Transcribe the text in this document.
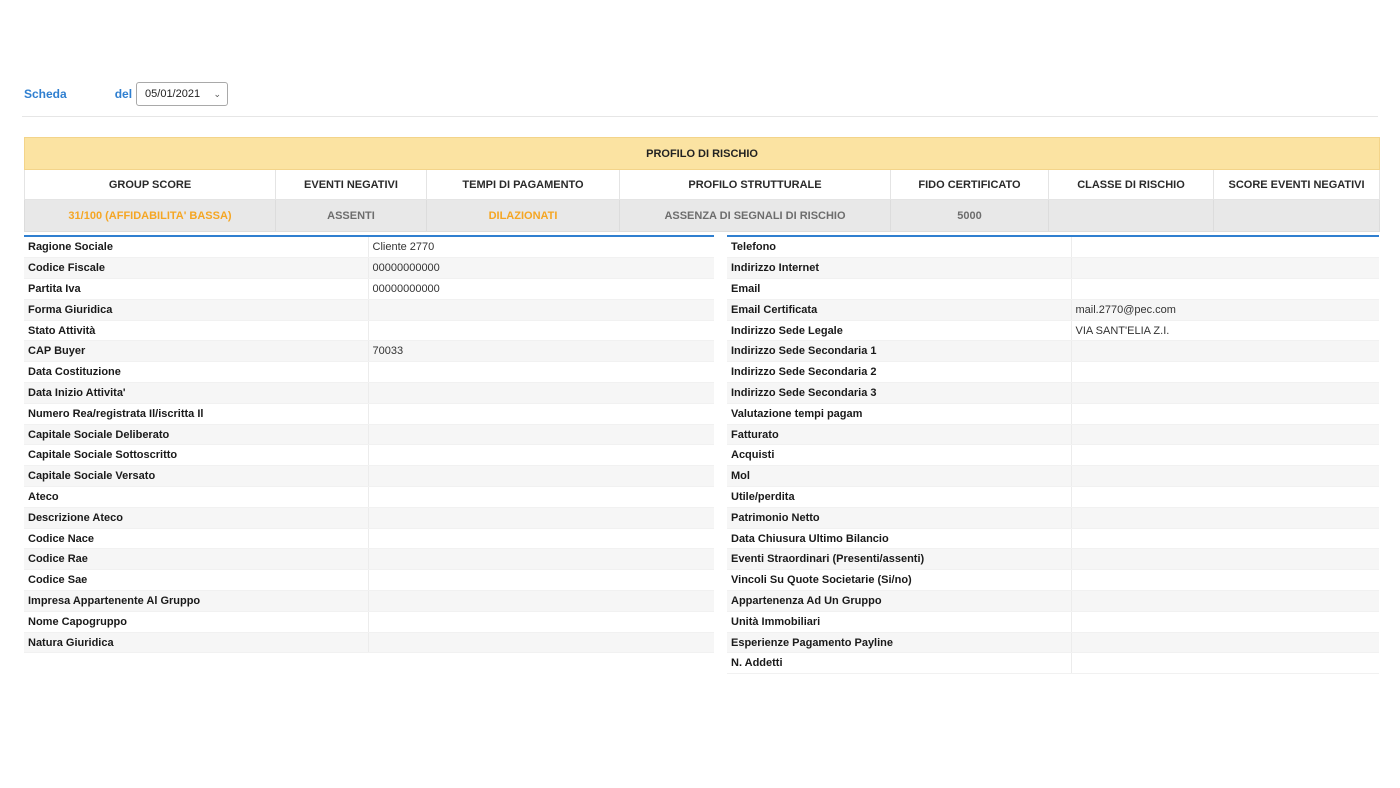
Scheda	del 05/01/2021 ⌄
PROFILO DI RISCHIO						
GROUP SCORE	EVENTI NEGATIVI	TEMPI DI PAGAMENTO	PROFILO STRUTTURALE	FIDO CERTIFICATO	CLASSE DI RISCHIO	SCORE EVENTI NEGATIVI
31/100 (AFFIDABILITA' BASSA)	ASSENTI	DILAZIONATI	ASSENZA DI SEGNALI DI RISCHIO	5000		
Ragione Sociale	Cliente 2770
Codice Fiscale	00000000000
Partita Iva	00000000000
Forma Giuridica	
Stato Attività	
CAP Buyer	70033
Data Costituzione	
Data Inizio Attivita'	
Numero Rea/registrata Il/iscritta Il	
Capitale Sociale Deliberato	
Capitale Sociale Sottoscritto	
Capitale Sociale Versato	
Ateco	
Descrizione Ateco	
Codice Nace	
Codice Rae	
Codice Sae	
Impresa Appartenente Al Gruppo	
Nome Capogruppo	
Natura Giuridica	
Telefono	
Indirizzo Internet	
Email	
Email Certificata	mail.2770@pec.com
Indirizzo Sede Legale	VIA SANT'ELIA Z.I.
Indirizzo Sede Secondaria 1	
Indirizzo Sede Secondaria 2	
Indirizzo Sede Secondaria 3	
Valutazione tempi pagam	
Fatturato	
Acquisti	
Mol	
Utile/perdita	
Patrimonio Netto	
Data Chiusura Ultimo Bilancio	
Eventi Straordinari (Presenti/assenti)	
Vincoli Su Quote Societarie (Si/no)	
Appartenenza Ad Un Gruppo	
Unità Immobiliari	
Esperienze Pagamento Payline	
N. Addetti	
